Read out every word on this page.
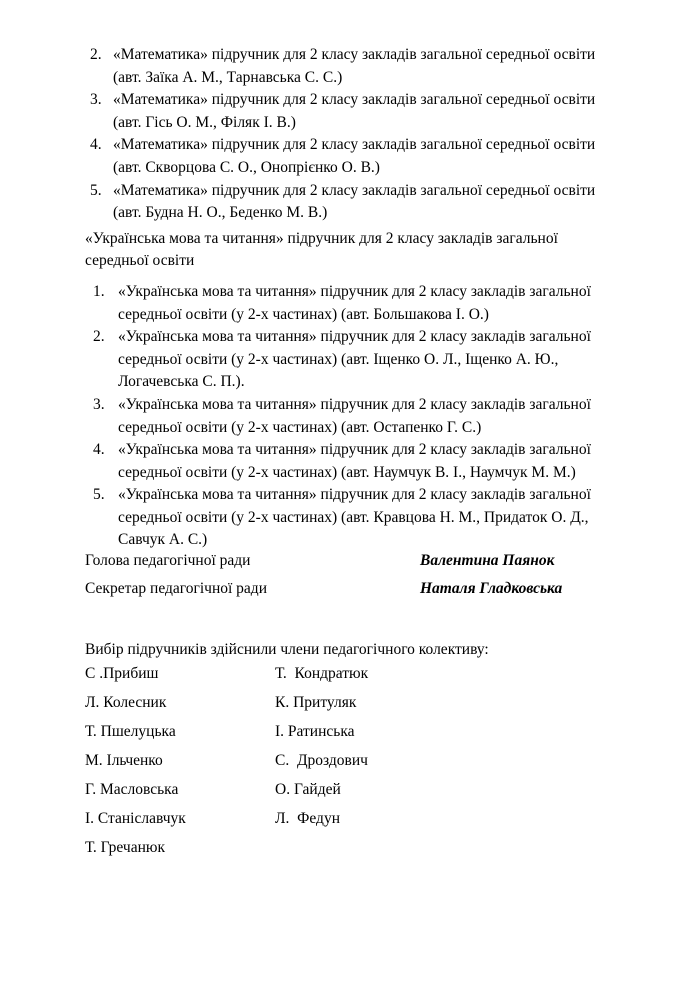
2. «Математика» підручник для 2 класу закладів загальної середньої освіти
(авт. Заїка А. М., Тарнавська С. С.)
3. «Математика» підручник для 2 класу закладів загальної середньої освіти
(авт. Гісь О. М., Філяк І. В.)
4. «Математика» підручник для 2 класу закладів загальної середньої освіти
(авт. Скворцова С. О., Онопрієнко О. В.)
5. «Математика» підручник для 2 класу закладів загальної середньої освіти
(авт. Будна Н. О., Беденко М. В.)
«Українська мова та читання» підручник для 2 класу закладів загальної
середньої освіти
1. «Українська мова та читання» підручник для 2 класу закладів загальної
середньої освіти (у 2-х частинах) (авт. Большакова І. О.)
2. «Українська мова та читання» підручник для 2 класу закладів загальної
середньої освіти (у 2-х частинах) (авт. Іщенко О. Л., Іщенко А. Ю.,
Логачевська С. П.).
3. «Українська мова та читання» підручник для 2 класу закладів загальної
середньої освіти (у 2-х частинах) (авт. Остапенко Г. С.)
4. «Українська мова та читання» підручник для 2 класу закладів загальної
середньої освіти (у 2-х частинах) (авт. Наумчук В. І., Наумчук М. М.)
5. «Українська мова та читання» підручник для 2 класу закладів загальної
середньої освіти (у 2-х частинах) (авт. Кравцова Н. М., Придаток О. Д.,
Савчук А. С.)
Голова педагогічної ради	Валентина Паянок
Секретар педагогічної ради	Наталя Гладковська
Вибір підручників здійснили члени педагогічного колективу:
С .Прибиш	Т.  Кондратюк
Л. Колесник	К. Притуляк
Т. Пшелуцька	І. Ратинська
М. Ільченко	С.  Дроздович
Г. Масловська	О. Гайдей
І. Станіславчук	Л.  Федун
Т. Гречанюк
